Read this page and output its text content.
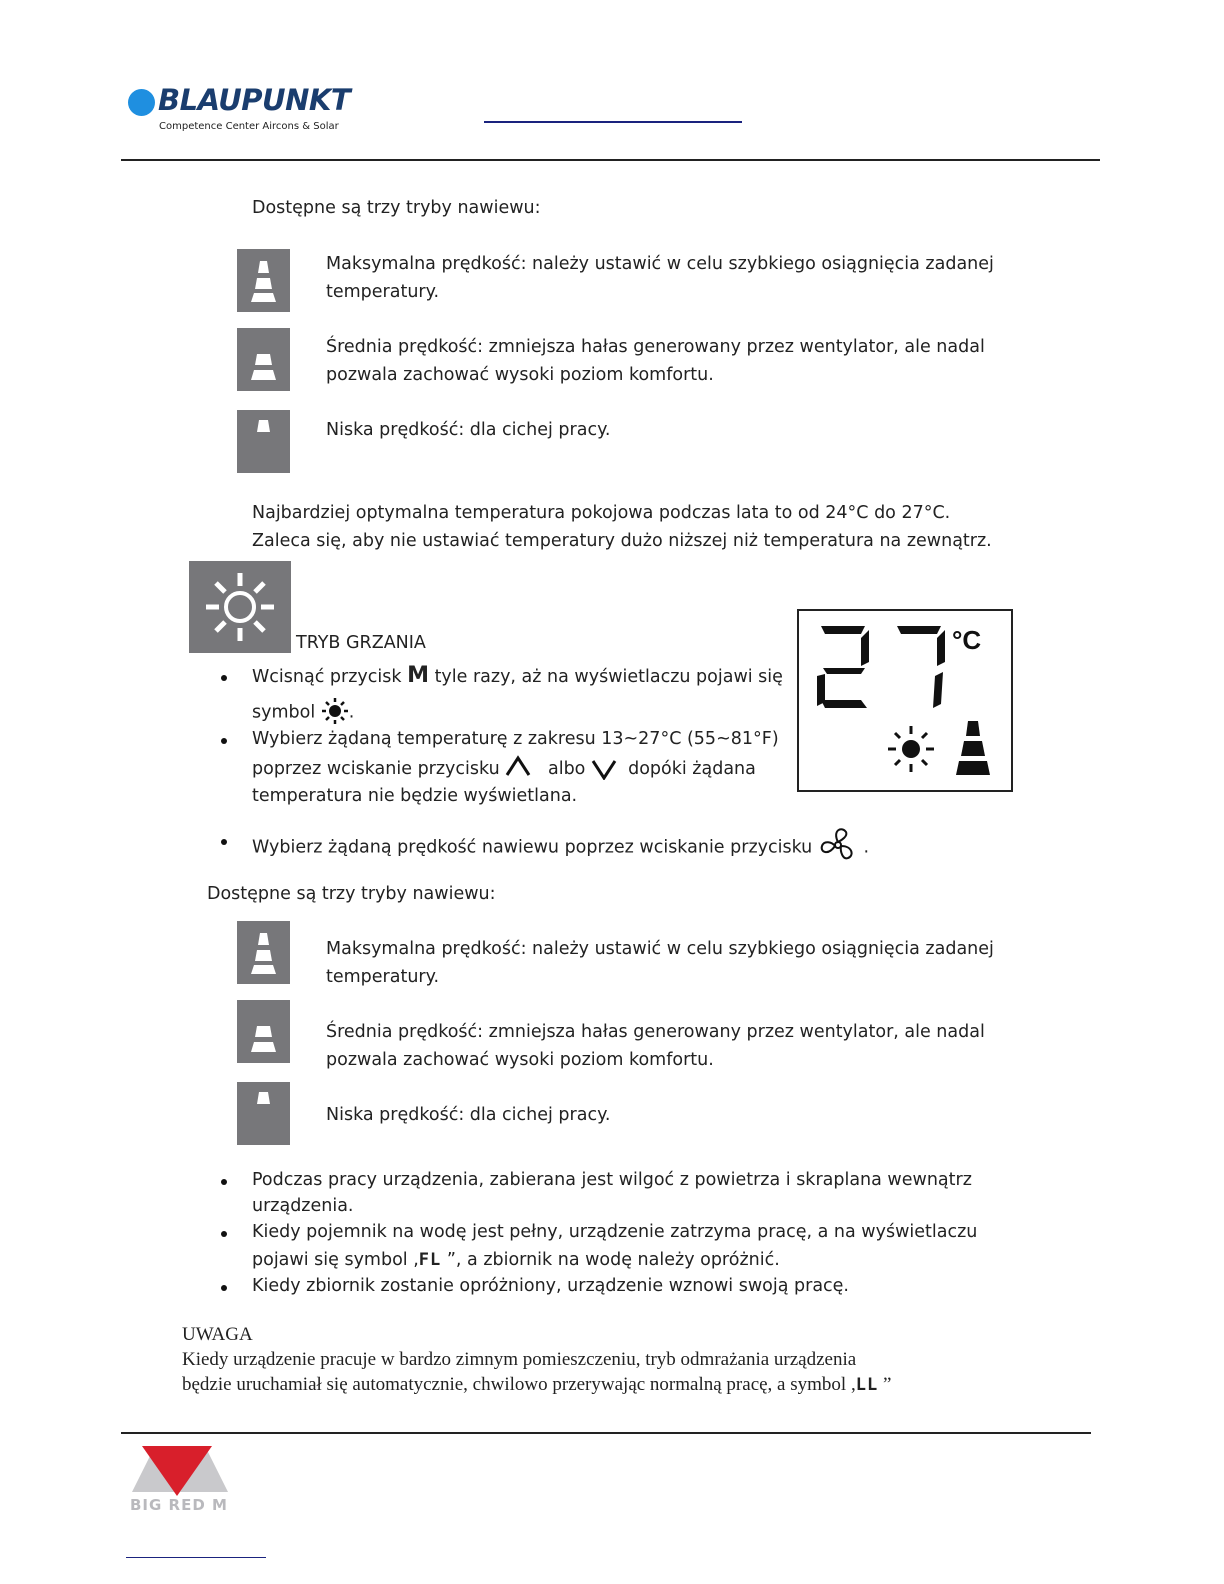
BLAUPUNKT
Competence Center Aircons & Solar
Dostępne są trzy tryby nawiewu:
Maksymalna prędkość: należy ustawić w celu szybkiego osiągnięcia zadanej
temperatury.
Średnia prędkość: zmniejsza hałas generowany przez wentylator, ale nadal
pozwala zachować wysoki poziom komfortu.
Niska prędkość: dla cichej pracy.
Najbardziej optymalna temperatura pokojowa podczas lata to od 24°C do 27°C.
Zaleca się, aby nie ustawiać temperatury dużo niższej niż temperatura na zewnątrz.
TRYB GRZANIA
Wcisnąć przycisk M tyle razy, aż na wyświetlaczu pojawi się
symbol .
Wybierz żądaną temperaturę z zakresu 13~27°C (55~81°F)
poprzez wciskanie przycisku	albo dopóki żądana
temperatura nie będzie wyświetlana.
Wybierz żądaną prędkość nawiewu poprzez wciskanie przycisku	.
°C
Dostępne są trzy tryby nawiewu:
Maksymalna prędkość: należy ustawić w celu szybkiego osiągnięcia zadanej
temperatury.
Średnia prędkość: zmniejsza hałas generowany przez wentylator, ale nadal
pozwala zachować wysoki poziom komfortu.
Niska prędkość: dla cichej pracy.
Podczas pracy urządzenia, zabierana jest wilgoć z powietrza i skraplana wewnątrz
urządzenia.
Kiedy pojemnik na wodę jest pełny, urządzenie zatrzyma pracę, a na wyświetlaczu
pojawi się symbol ,FL ”, a zbiornik na wodę należy opróżnić.
Kiedy zbiornik zostanie opróżniony, urządzenie wznowi swoją pracę.
UWAGA
Kiedy urządzenie pracuje w bardzo zimnym pomieszczeniu, tryb odmrażania urządzenia
będzie uruchamiał się automatycznie, chwilowo przerywając normalną pracę, a symbol ,LL ”
BIG RED M
